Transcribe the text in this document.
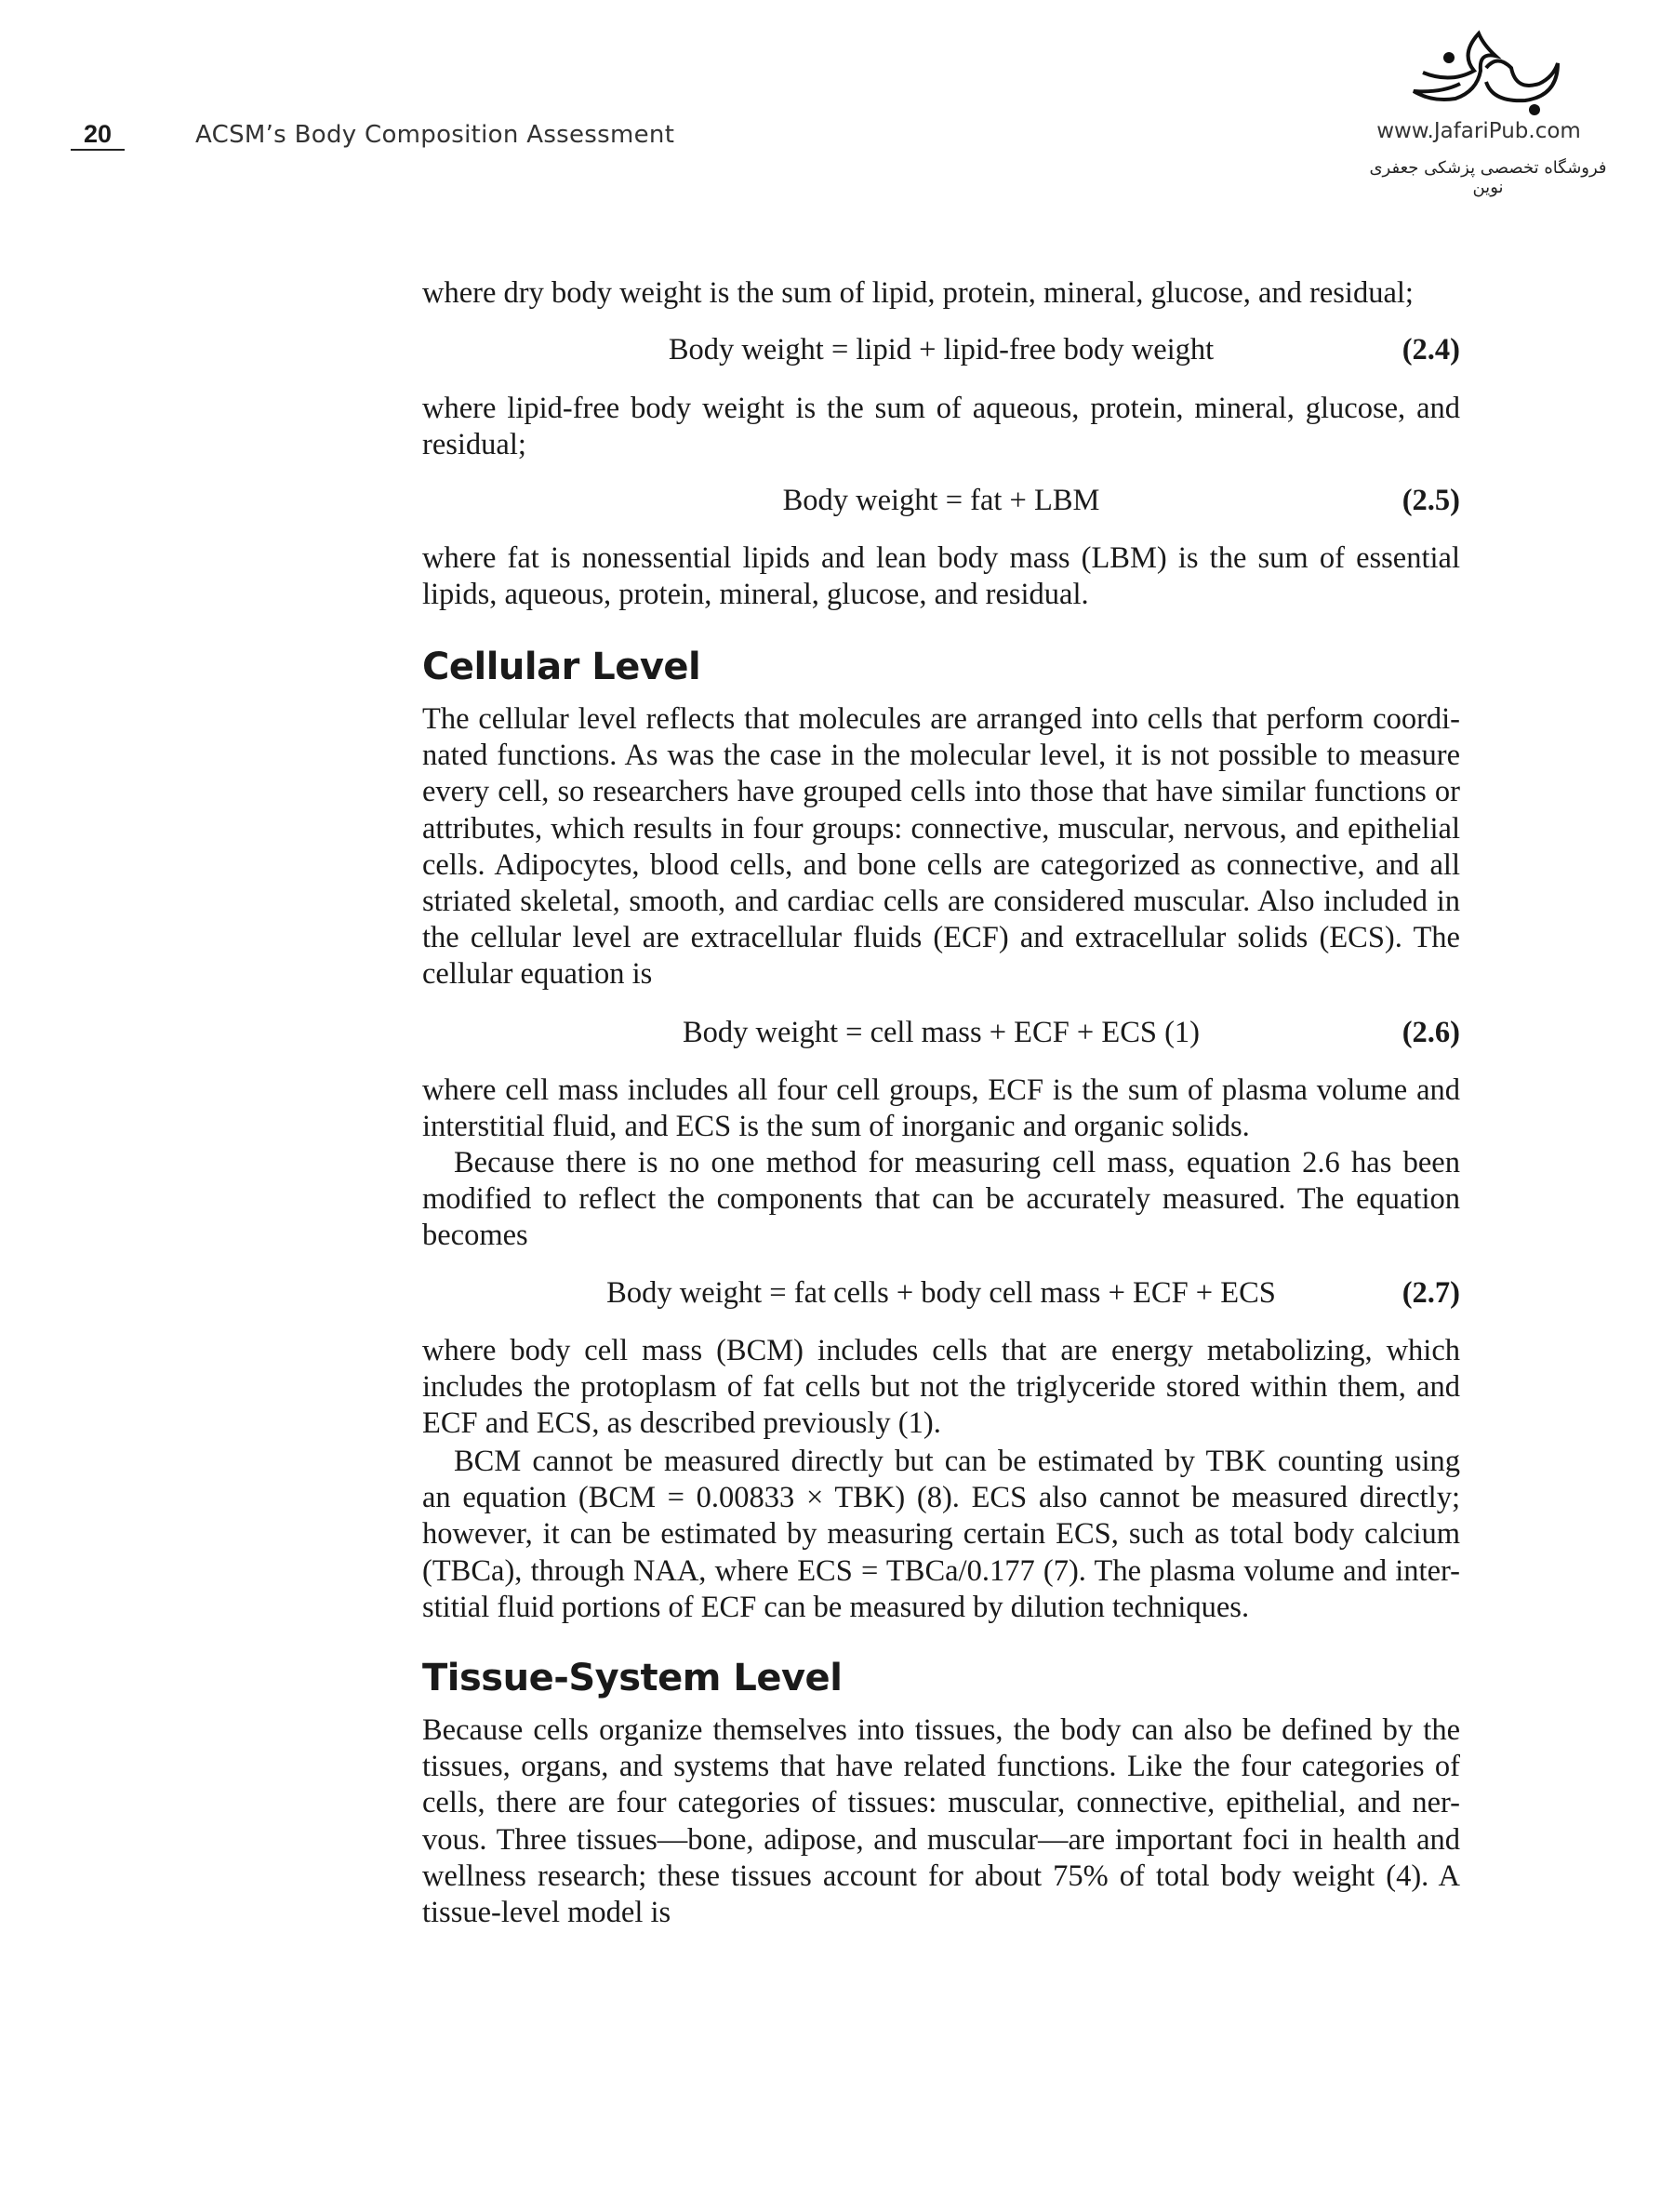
20	ACSM’s Body Composition Assessment	www.JafariPub.com
فروشگاه تخصصی پزشکی جعفری نوین
where dry body weight is the sum of lipid, protein, mineral, glucose, and residual;
Body weight = lipid + lipid-free body weight	(2.4)
where lipid-free body weight is the sum of aqueous, protein, mineral, glucose, and
residual;
Body weight = fat + LBM	(2.5)
where fat is nonessential lipids and lean body mass (LBM) is the sum of essential
lipids, aqueous, protein, mineral, glucose, and residual.
Cellular Level
The cellular level reflects that molecules are arranged into cells that perform coordi-
nated functions. As was the case in the molecular level, it is not possible to measure
every cell, so researchers have grouped cells into those that have similar functions or
attributes, which results in four groups: connective, muscular, nervous, and epithelial
cells. Adipocytes, blood cells, and bone cells are categorized as connective, and all
striated skeletal, smooth, and cardiac cells are considered muscular. Also included in
the cellular level are extracellular fluids (ECF) and extracellular solids (ECS). The
cellular equation is
Body weight = cell mass + ECF + ECS (1)	(2.6)
where cell mass includes all four cell groups, ECF is the sum of plasma volume and
interstitial fluid, and ECS is the sum of inorganic and organic solids.
Because there is no one method for measuring cell mass, equation 2.6 has been
modified to reflect the components that can be accurately measured. The equation
becomes
Body weight = fat cells + body cell mass + ECF + ECS	(2.7)
where body cell mass (BCM) includes cells that are energy metabolizing, which
includes the protoplasm of fat cells but not the triglyceride stored within them, and
ECF and ECS, as described previously (1).
BCM cannot be measured directly but can be estimated by TBK counting using
an equation (BCM = 0.00833 × TBK) (8). ECS also cannot be measured directly;
however, it can be estimated by measuring certain ECS, such as total body calcium
(TBCa), through NAA, where ECS = TBCa/0.177 (7). The plasma volume and inter-
stitial fluid portions of ECF can be measured by dilution techniques.
Tissue-System Level
Because cells organize themselves into tissues, the body can also be defined by the
tissues, organs, and systems that have related functions. Like the four categories of
cells, there are four categories of tissues: muscular, connective, epithelial, and ner-
vous. Three tissues—bone, adipose, and muscular—are important foci in health and
wellness research; these tissues account for about 75% of total body weight (4). A
tissue-level model is
